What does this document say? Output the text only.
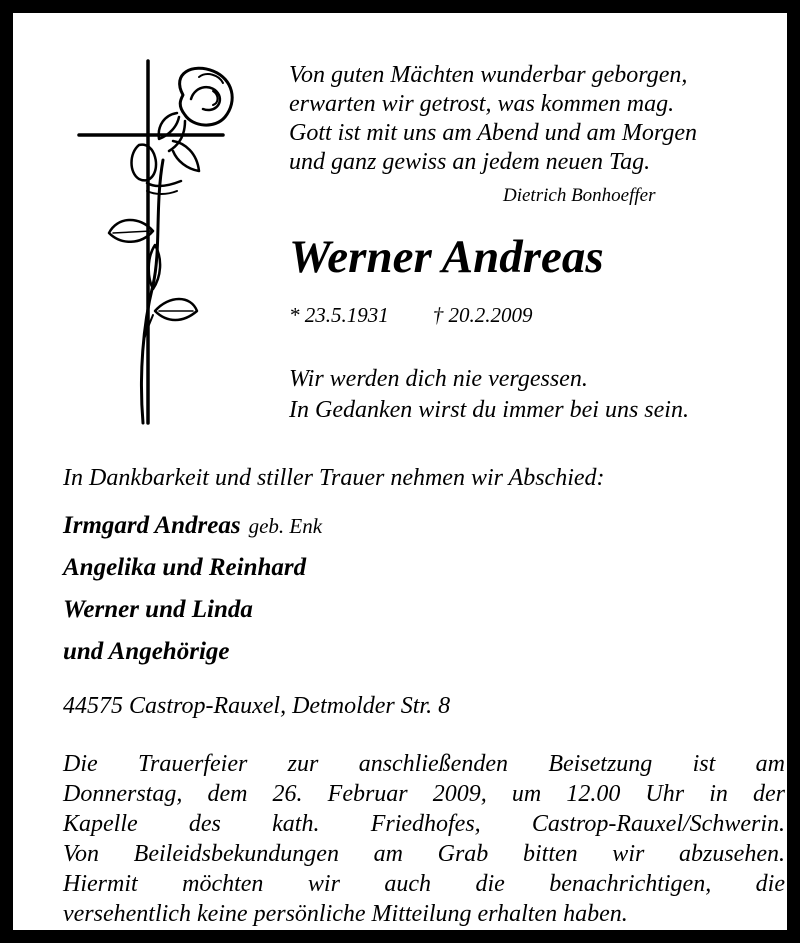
Von guten Mächten wunderbar geborgen,
erwarten wir getrost, was kommen mag.
Gott ist mit uns am Abend und am Morgen
und ganz gewiss an jedem neuen Tag.
Dietrich Bonhoeffer
Werner Andreas
* 23.5.1931 † 20.2.2009
Wir werden dich nie vergessen.
In Gedanken wirst du immer bei uns sein.
In Dankbarkeit und stiller Trauer nehmen wir Abschied:
Irmgard Andreas geb. Enk
Angelika und Reinhard
Werner und Linda
und Angehörige
44575 Castrop-Rauxel, Detmolder Str. 8
Die Trauerfeier zur anschließenden Beisetzung ist am
Donnerstag, dem 26. Februar 2009, um 12.00 Uhr in der
Kapelle des kath. Friedhofes, Castrop-Rauxel/Schwerin.
Von Beileidsbekundungen am Grab bitten wir abzusehen.
Hiermit möchten wir auch die benachrichtigen, die
versehentlich keine persönliche Mitteilung erhalten haben.
